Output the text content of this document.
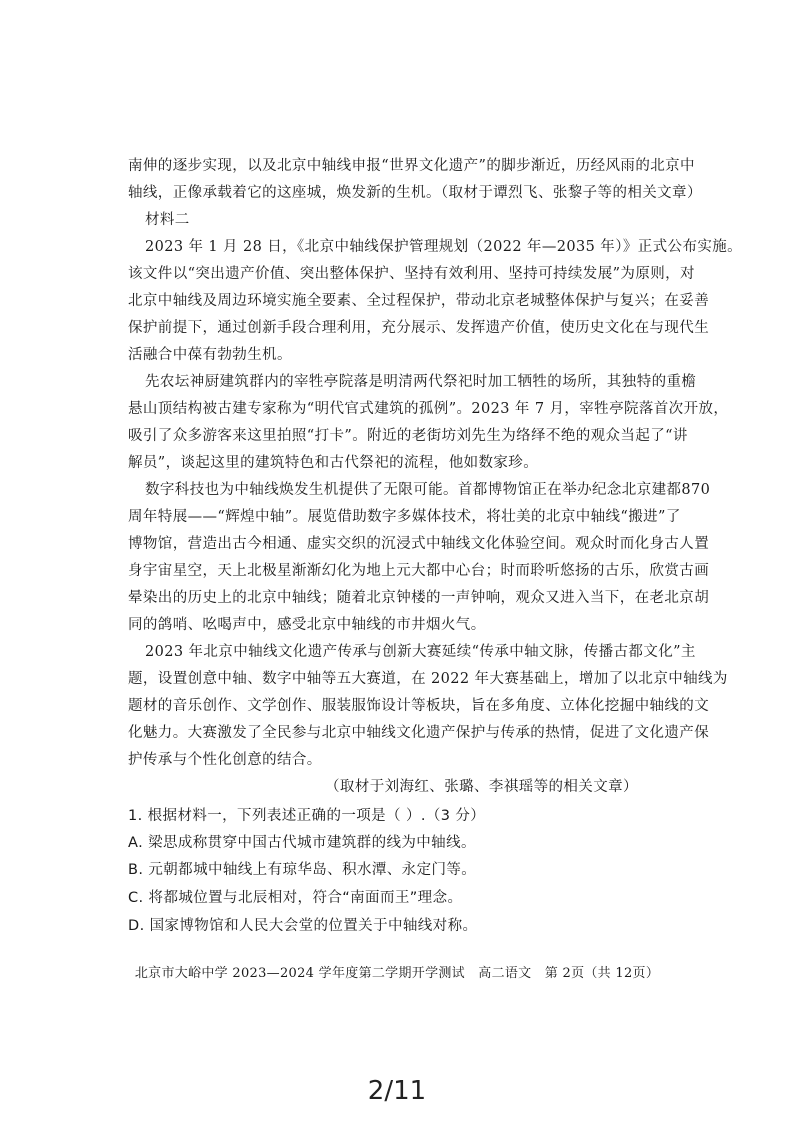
南伸的逐步实现，以及北京中轴线申报“世界文化遗产”的脚步渐近，历经风雨的北京中
轴线，正像承载着它的这座城，焕发新的生机。（取材于谭烈飞、张黎子等的相关文章）
材料二
2023 年 1 月 28 日，《北京中轴线保护管理规划（2022 年—2035 年）》正式公布实施。
该文件以“突出遗产价值、突出整体保护、坚持有效利用、坚持可持续发展”为原则，对
北京中轴线及周边环境实施全要素、全过程保护，带动北京老城整体保护与复兴；在妥善
保护前提下，通过创新手段合理利用，充分展示、发挥遗产价值，使历史文化在与现代生
活融合中葆有勃勃生机。
先农坛神厨建筑群内的宰牲亭院落是明清两代祭祀时加工牺牲的场所，其独特的重檐
悬山顶结构被古建专家称为“明代官式建筑的孤例”。2023 年 7 月，宰牲亭院落首次开放，
吸引了众多游客来这里拍照“打卡”。附近的老街坊刘先生为络绎不绝的观众当起了“讲
解员”，谈起这里的建筑特色和古代祭祀的流程，他如数家珍。
数字科技也为中轴线焕发生机提供了无限可能。首都博物馆正在举办纪念北京建都870
周年特展——“辉煌中轴”。展览借助数字多媒体技术，将壮美的北京中轴线“搬进”了
博物馆，营造出古今相通、虚实交织的沉浸式中轴线文化体验空间。观众时而化身古人置
身宇宙星空，天上北极星渐渐幻化为地上元大都中心台；时而聆听悠扬的古乐，欣赏古画
晕染出的历史上的北京中轴线；随着北京钟楼的一声钟响，观众又进入当下，在老北京胡
同的鸽哨、吆喝声中，感受北京中轴线的市井烟火气。
2023 年北京中轴线文化遗产传承与创新大赛延续“传承中轴文脉，传播古都文化”主
题，设置创意中轴、数字中轴等五大赛道，在 2022 年大赛基础上，增加了以北京中轴线为
题材的音乐创作、文学创作、服装服饰设计等板块，旨在多角度、立体化挖掘中轴线的文
化魅力。大赛激发了全民参与北京中轴线文化遗产保护与传承的热情，促进了文化遗产保
护传承与个性化创意的结合。
（取材于刘海红、张璐、李祺瑶等的相关文章）
1. 根据材料一，下列表述正确的一项是（ ）.（3 分）
A. 梁思成称贯穿中国古代城市建筑群的线为中轴线。
B. 元朝都城中轴线上有琼华岛、积水潭、永定门等。
C. 将都城位置与北辰相对，符合“南面而王”理念。
D. 国家博物馆和人民大会堂的位置关于中轴线对称。
北京市大峪中学 2023—2024 学年度第二学期开学测试　高二语文　第 2页（共 12页）
2/11
